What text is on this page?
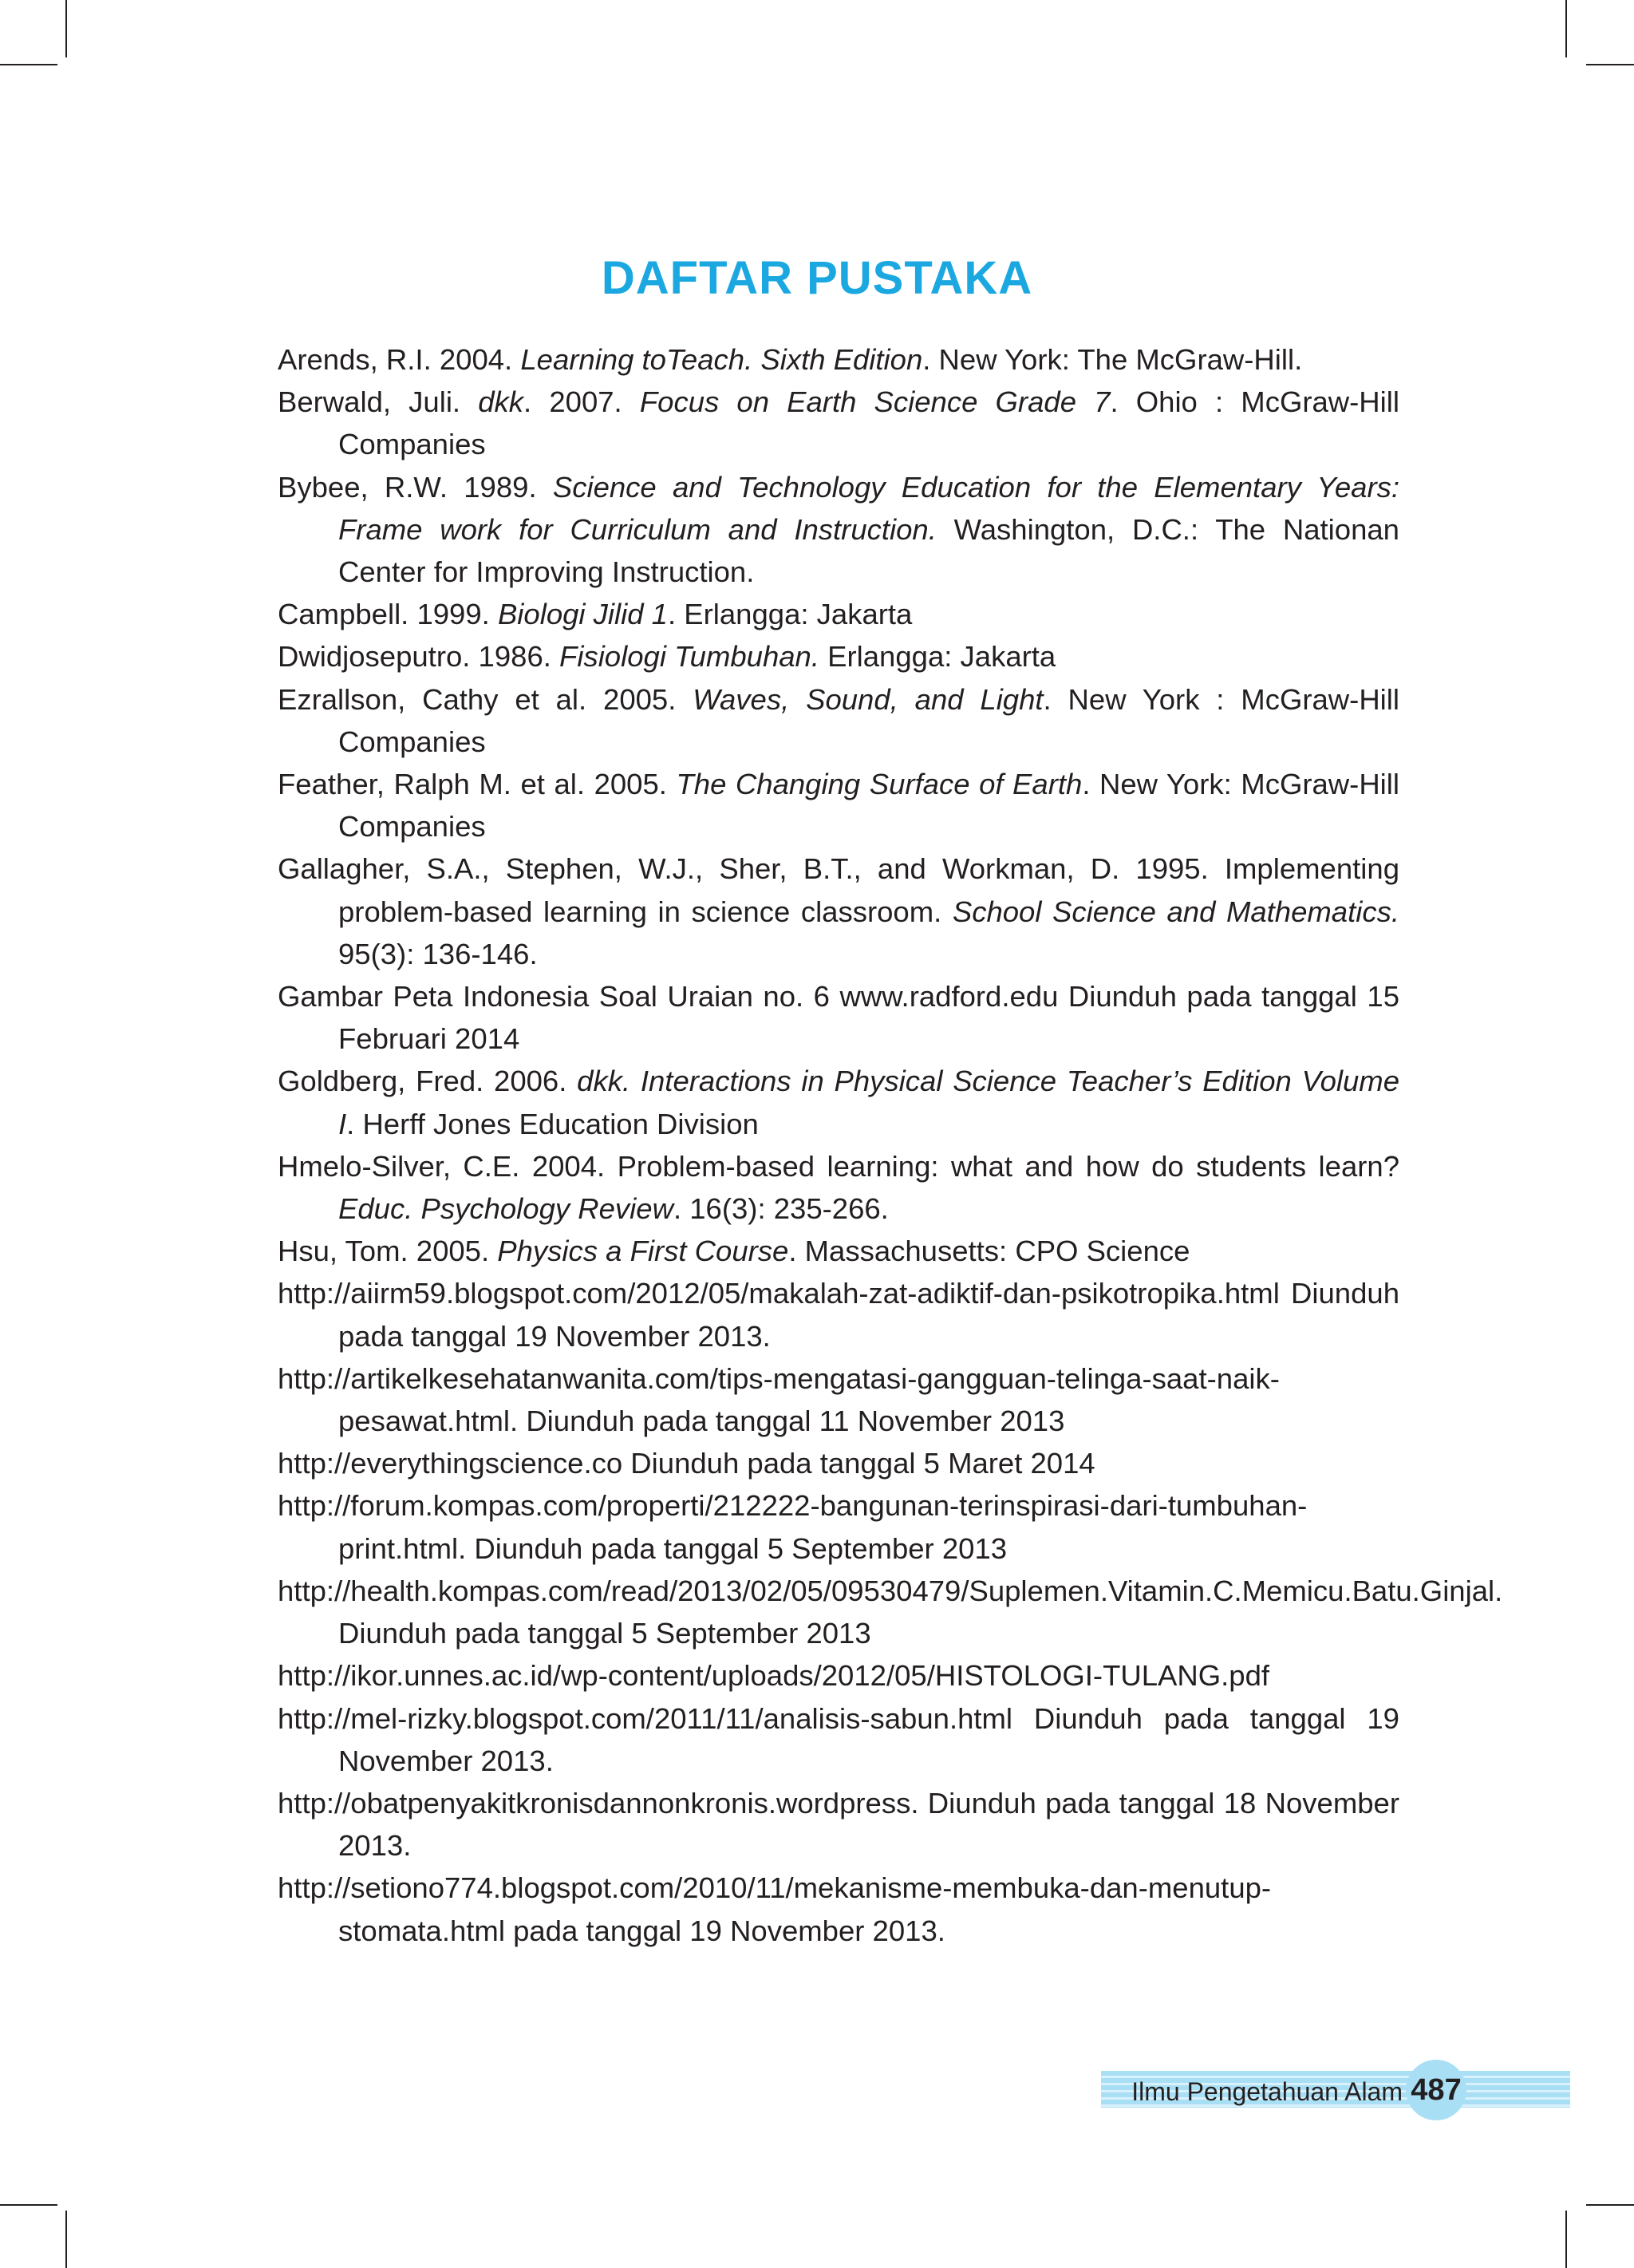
DAFTAR PUSTAKA
Arends, R.I. 2004. Learning toTeach. Sixth Edition. New York: The McGraw-Hill.
Berwald, Juli. dkk. 2007. Focus on Earth Science Grade 7. Ohio : McGraw-Hill Companies
Bybee, R.W. 1989. Science and Technology Education for the Elementary Years: Frame work for Curriculum and Instruction. Washington, D.C.: The Nationan Center for Improving Instruction.
Campbell. 1999. Biologi Jilid 1. Erlangga: Jakarta
Dwidjoseputro. 1986. Fisiologi Tumbuhan. Erlangga: Jakarta
Ezrallson, Cathy et al. 2005. Waves, Sound, and Light. New York : McGraw-Hill Companies
Feather, Ralph M. et al. 2005. The Changing Surface of Earth. New York: McGraw-Hill Companies
Gallagher, S.A., Stephen, W.J., Sher, B.T., and Workman, D. 1995. Implementing problem-based learning in science classroom. School Science and Mathematics. 95(3): 136-146.
Gambar Peta Indonesia Soal Uraian no. 6 www.radford.edu Diunduh pada tanggal 15 Februari 2014
Goldberg, Fred. 2006. dkk. Interactions in Physical Science Teacher’s Edition Volume I. Herff Jones Education Division
Hmelo-Silver, C.E. 2004. Problem-based learning: what and how do students learn? Educ. Psychology Review. 16(3): 235-266.
Hsu, Tom. 2005. Physics a First Course. Massachusetts: CPO Science
http://aiirm59.blogspot.com/2012/05/makalah-zat-adiktif-dan-psikotropika.html Diunduh pada tanggal 19 November 2013.
http://artikelkesehatanwanita.com/tips-mengatasi-gangguan-telinga-saat-naik-pesawat.html. Diunduh pada tanggal 11 November 2013
http://everythingscience.co Diunduh pada tanggal 5 Maret 2014
http://forum.kompas.com/properti/212222-bangunan-terinspirasi-dari-tumbuhan-print.html. Diunduh pada tanggal 5 September 2013
http://health.kompas.com/read/2013/02/05/09530479/Suplemen.Vitamin.C.Memicu.Batu.Ginjal. Diunduh pada tanggal 5 September 2013
http://ikor.unnes.ac.id/wp-content/uploads/2012/05/HISTOLOGI-TULANG.pdf
http://mel-rizky.blogspot.com/2011/11/analisis-sabun.html Diunduh pada tanggal 19 November 2013.
http://obatpenyakitkronisdannonkronis.wordpress. Diunduh pada tanggal 18 November 2013.
http://setiono774.blogspot.com/2010/11/mekanisme-membuka-dan-menutup-stomata.html pada tanggal 19 November 2013.
Ilmu Pengetahuan Alam 487
